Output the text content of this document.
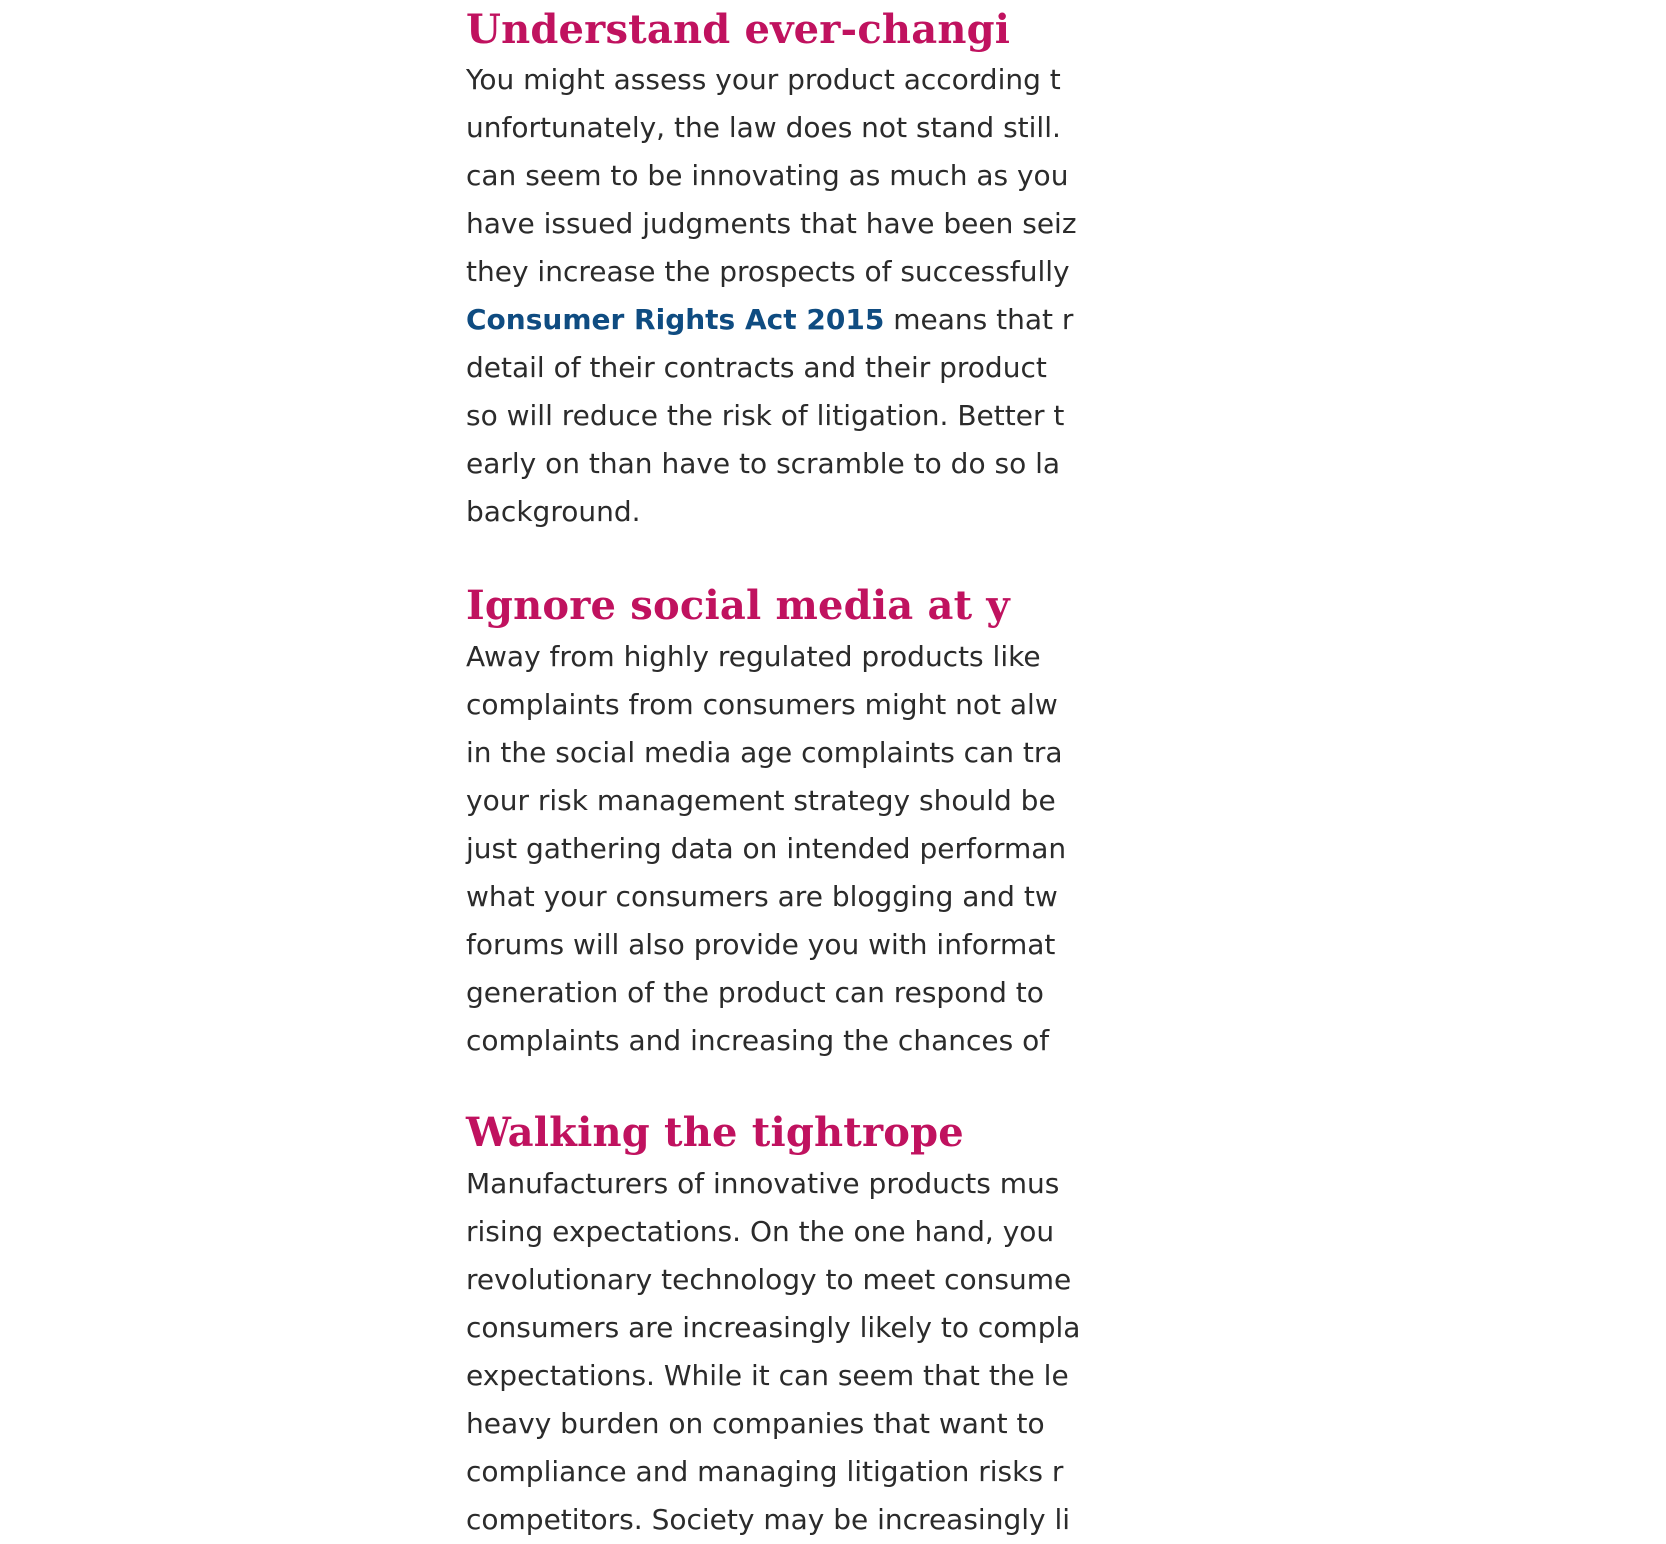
Understand ever-changi
You might assess your product according t
unfortunately, the law does not stand still.
can seem to be innovating as much as you
have issued judgments that have been seiz
they increase the prospects of successfully
Consumer Rights Act 2015 means that r
detail of their contracts and their product
so will reduce the risk of litigation. Better t
early on than have to scramble to do so la
background.
Ignore social media at y
Away from highly regulated products like
complaints from consumers might not alw
in the social media age complaints can tra
your risk management strategy should be
just gathering data on intended performan
what your consumers are blogging and tw
forums will also provide you with informat
generation of the product can respond to
complaints and increasing the chances of
Walking the tightrope
Manufacturers of innovative products mus
rising expectations. On the one hand, you
revolutionary technology to meet consume
consumers are increasingly likely to compla
expectations. While it can seem that the le
heavy burden on companies that want to
compliance and managing litigation risks r
competitors. Society may be increasingly li
